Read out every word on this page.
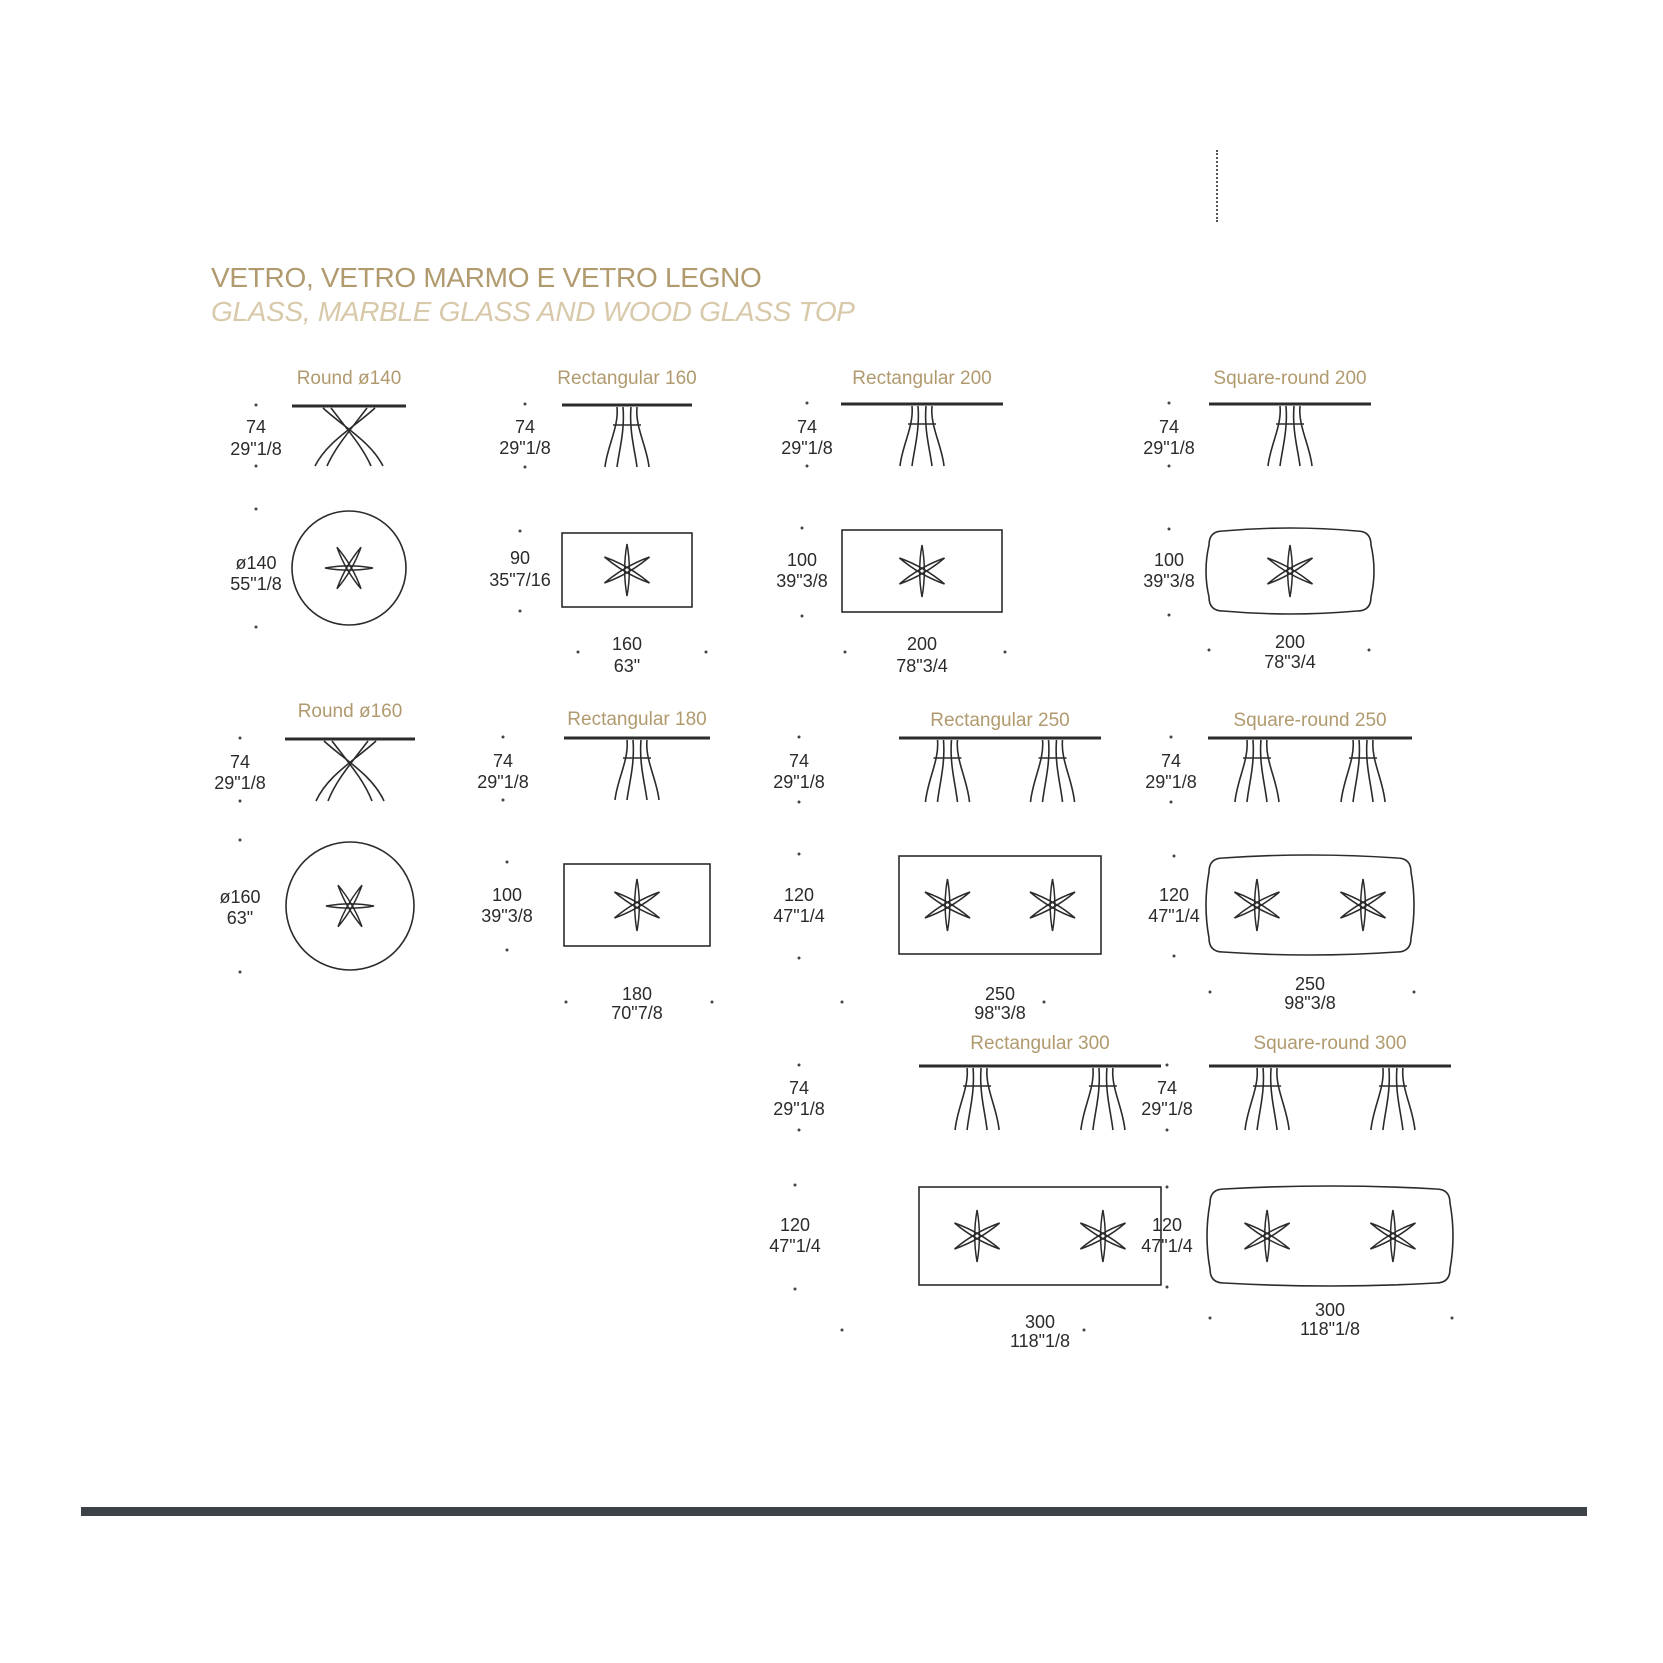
VETRO, VETRO MARMO E VETRO LEGNO
GLASS, MARBLE GLASS AND WOOD GLASS TOP
Round ø140
74
29"1/8
ø140
55"1/8
Round ø160
74
29"1/8
ø160
63"
Rectangular 160
74
29"1/8
160
63"
90
35"7/16
Rectangular 180
74
29"1/8
180
70"7/8
100
39"3/8
Rectangular 200
74
29"1/8
200
78"3/4
100
39"3/8
Rectangular 250
74
29"1/8
250
98"3/8
120
47"1/4
Rectangular 300
74
29"1/8
300
118"1/8
120
47"1/4
Square-round 200
74
29"1/8
200
78"3/4
100
39"3/8
Square-round 250
74
29"1/8
250
98"3/8
120
47"1/4
Square-round 300
74
29"1/8
300
118"1/8
120
47"1/4
